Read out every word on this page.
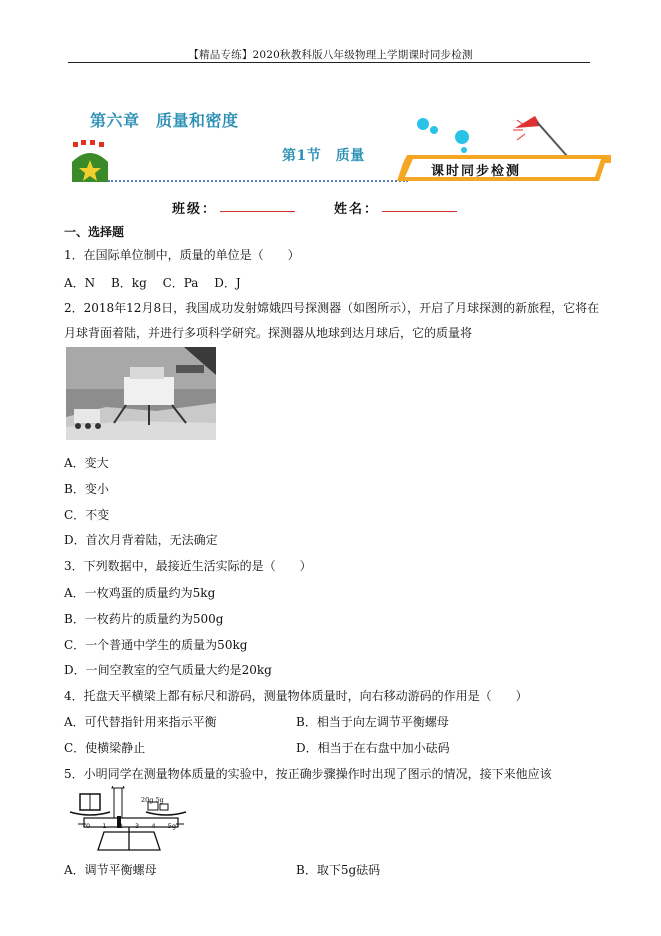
【精品专练】2020秋教科版八年级物理上学期课时同步检测
第六章　质量和密度
第1节　质量
课时同步检测
班级：	姓名：
一、选择题
1．在国际单位制中，质量的单位是（　　）
A．N　 B．kg　 C．Pa　 D．J
2．2018年12月8日，我国成功发射嫦娥四号探测器（如图所示），开启了月球探测的新旅程，它将在
月球背面着陆，并进行多项科学研究。探测器从地球到达月球后，它的质量将
A．变大
B．变小
C．不变
D．首次月背着陆，无法确定
3．下列数据中，最接近生活实际的是（　　）
A．一枚鸡蛋的质量约为5kg
B．一枚药片的质量约为500g
C．一个普通中学生的质量为50kg
D．一间空教室的空气质量大约是20kg
4．托盘天平横梁上都有标尺和游码，测量物体质量时，向右移动游码的作用是（　　）
A．可代替指针用来指示平衡	B．相当于向左调节平衡螺母
C．使横梁静止	D．相当于在右盘中加小砝码
5．小明同学在测量物体质量的实验中，按正确步骤操作时出现了图示的情况，接下来他应该
20g 5g
0 1 2 3 4 5g
A．调节平衡螺母	B．取下5g砝码
